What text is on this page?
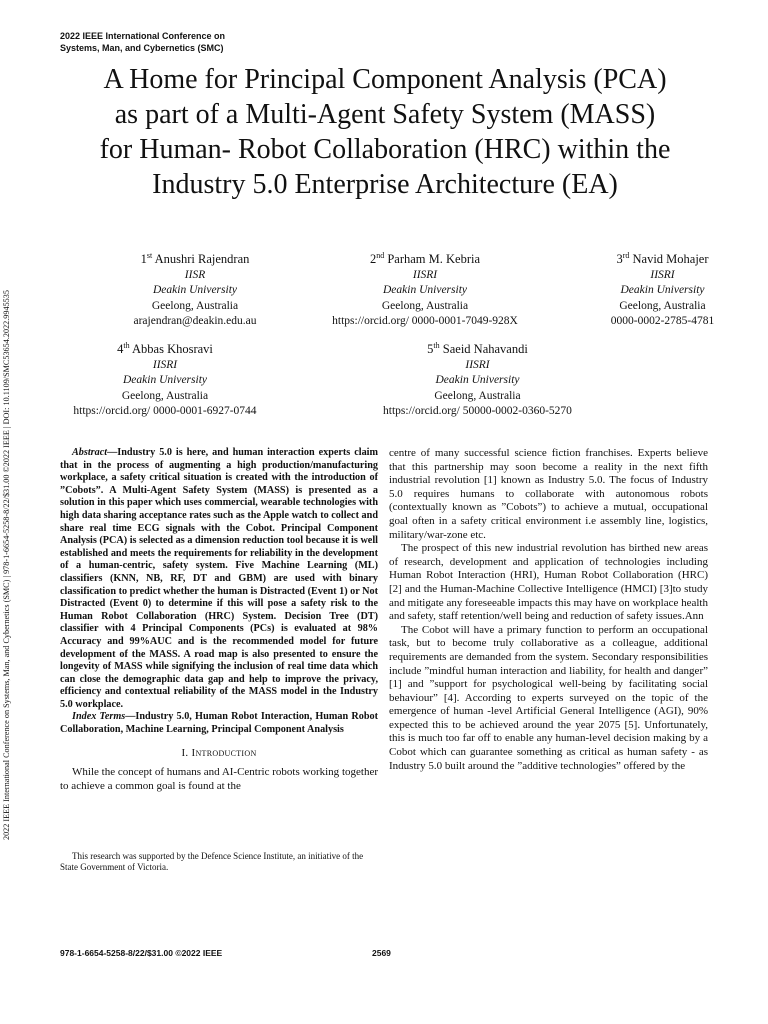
2022 IEEE International Conference on
Systems, Man, and Cybernetics (SMC)
2022 IEEE International Conference on Systems, Man, and Cybernetics (SMC) | 978-1-6654-5258-8/22/$31.00 ©2022 IEEE | DOI: 10.1109/SMC53654.2022.9945535
A Home for Principal Component Analysis (PCA)
as part of a Multi-Agent Safety System (MASS)
for Human- Robot Collaboration (HRC) within the
Industry 5.0 Enterprise Architecture (EA)
1st Anushri Rajendran
IISR
Deakin University
Geelong, Australia
arajendran@deakin.edu.au
2nd Parham M. Kebria
IISRI
Deakin University
Geelong, Australia
https://orcid.org/ 0000-0001-7049-928X
3rd Navid Mohajer
IISRI
Deakin University
Geelong, Australia
0000-0002-2785-4781
4th Abbas Khosravi
IISRI
Deakin University
Geelong, Australia
https://orcid.org/ 0000-0001-6927-0744
5th Saeid Nahavandi
IISRI
Deakin University
Geelong, Australia
https://orcid.org/ 50000-0002-0360-5270

Abstract—Industry 5.0 is here, and human interaction experts claim that in the process of augmenting a high production/manufacturing workplace, a safety critical situation is created with the introduction of ”Cobots”. A Multi-Agent Safety System (MASS) is presented as a solution in this paper which uses commercial, wearable technologies with high data sharing acceptance rates such as the Apple watch to collect and share real time ECG signals with the Cobot. Principal Component Analysis (PCA) is selected as a dimension reduction tool because it is well established and meets the requirements for reliability in the development of a human-centric, safety system. Five Machine Learning (ML) classifiers (KNN, NB, RF, DT and GBM) are used with binary classification to predict whether the human is Distracted (Event 1) or Not Distracted (Event 0) to determine if this will pose a safety risk to the Human Robot Collaboration (HRC) System. Decision Tree (DT) classifier with 4 Principal Components (PCs) is evaluated at 98% Accuracy and 99%AUC and is the recommended model for future development of the MASS. A road map is also presented to ensure the longevity of MASS while signifying the inclusion of real time data which can close the demographic data gap and help to improve the privacy, efficiency and contextual reliability of the MASS model in the Industry 5.0 workplace.

Index Terms—Industry 5.0, Human Robot Interaction, Human Robot Collaboration, Machine Learning, Principal Component Analysis

I. Introduction

While the concept of humans and AI-Centric robots working together to achieve a common goal is found at the

This research was supported by the Defence Science Institute, an initiative of the State Government of Victoria.

centre of many successful science fiction franchises. Experts believe that this partnership may soon become a reality in the next fifth industrial revolution [1] known as Industry 5.0. The focus of Industry 5.0 requires humans to collaborate with autonomous robots (contextually known as ”Cobots”) to achieve a mutual, occupational goal often in a safety critical environment i.e assembly line, logistics, military/war-zone etc.

The prospect of this new industrial revolution has birthed new areas of research, development and application of technologies including Human Robot Interaction (HRI), Human Robot Collaboration (HRC) [2] and the Human-Machine Collective Intelligence (HMCI) [3]to study and mitigate any foreseeable impacts this may have on workplace health and safety, staff retention/well being and reduction of safety issues.Ann

The Cobot will have a primary function to perform an occupational task, but to become truly collaborative as a colleague, additional requirements are demanded from the system. Secondary responsibilities include ”mindful human interaction and liability, for health and danger” [1] and ”support for psychological well-being by facilitating social behaviour” [4]. According to experts surveyed on the topic of the emergence of human -level Artificial General Intelligence (AGI), 90% expected this to be achieved around the year 2075 [5]. Unfortunately, this is much too far off to enable any human-level decision making by a Cobot which can guarantee something as critical as human safety - as Industry 5.0 built around the ”additive technologies” offered by the

978-1-6654-5258-8/22/$31.00 ©2022 IEEE	2569
